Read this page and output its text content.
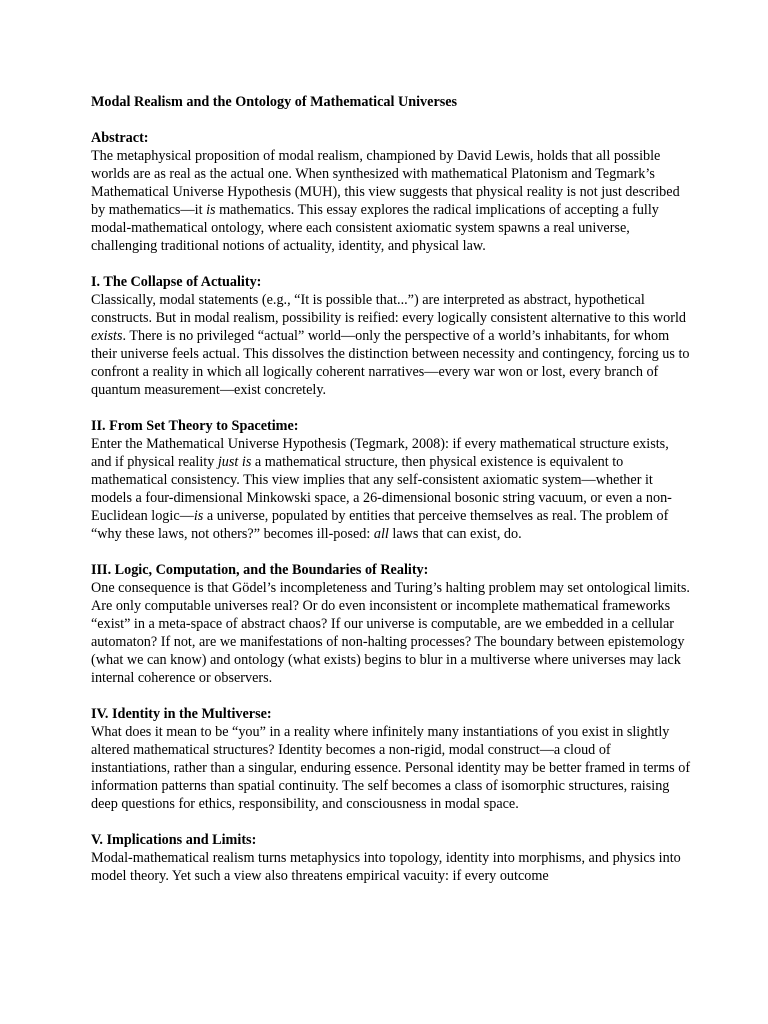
Modal Realism and the Ontology of Mathematical Universes

Abstract:
The metaphysical proposition of modal realism, championed by David Lewis, holds that all possible worlds are as real as the actual one. When synthesized with mathematical Platonism and Tegmark’s Mathematical Universe Hypothesis (MUH), this view suggests that physical reality is not just described by mathematics—it is mathematics. This essay explores the radical implications of accepting a fully modal-mathematical ontology, where each consistent axiomatic system spawns a real universe, challenging traditional notions of actuality, identity, and physical law.
I. The Collapse of Actuality:
Classically, modal statements (e.g., “It is possible that...”) are interpreted as abstract, hypothetical constructs. But in modal realism, possibility is reified: every logically consistent alternative to this world exists. There is no privileged “actual” world—only the perspective of a world’s inhabitants, for whom their universe feels actual. This dissolves the distinction between necessity and contingency, forcing us to confront a reality in which all logically coherent narratives—every war won or lost, every branch of quantum measurement—exist concretely.
II. From Set Theory to Spacetime:
Enter the Mathematical Universe Hypothesis (Tegmark, 2008): if every mathematical structure exists, and if physical reality just is a mathematical structure, then physical existence is equivalent to mathematical consistency. This view implies that any self-consistent axiomatic system—whether it models a four-dimensional Minkowski space, a 26-dimensional bosonic string vacuum, or even a non-Euclidean logic—is a universe, populated by entities that perceive themselves as real. The problem of “why these laws, not others?” becomes ill-posed: all laws that can exist, do.
III. Logic, Computation, and the Boundaries of Reality:
One consequence is that Gödel’s incompleteness and Turing’s halting problem may set ontological limits. Are only computable universes real? Or do even inconsistent or incomplete mathematical frameworks “exist” in a meta-space of abstract chaos? If our universe is computable, are we embedded in a cellular automaton? If not, are we manifestations of non-halting processes? The boundary between epistemology (what we can know) and ontology (what exists) begins to blur in a multiverse where universes may lack internal coherence or observers.
IV. Identity in the Multiverse:
What does it mean to be “you” in a reality where infinitely many instantiations of you exist in slightly altered mathematical structures? Identity becomes a non-rigid, modal construct—a cloud of instantiations, rather than a singular, enduring essence. Personal identity may be better framed in terms of information patterns than spatial continuity. The self becomes a class of isomorphic structures, raising deep questions for ethics, responsibility, and consciousness in modal space.
V. Implications and Limits:
Modal-mathematical realism turns metaphysics into topology, identity into morphisms, and physics into model theory. Yet such a view also threatens empirical vacuity: if every outcome
